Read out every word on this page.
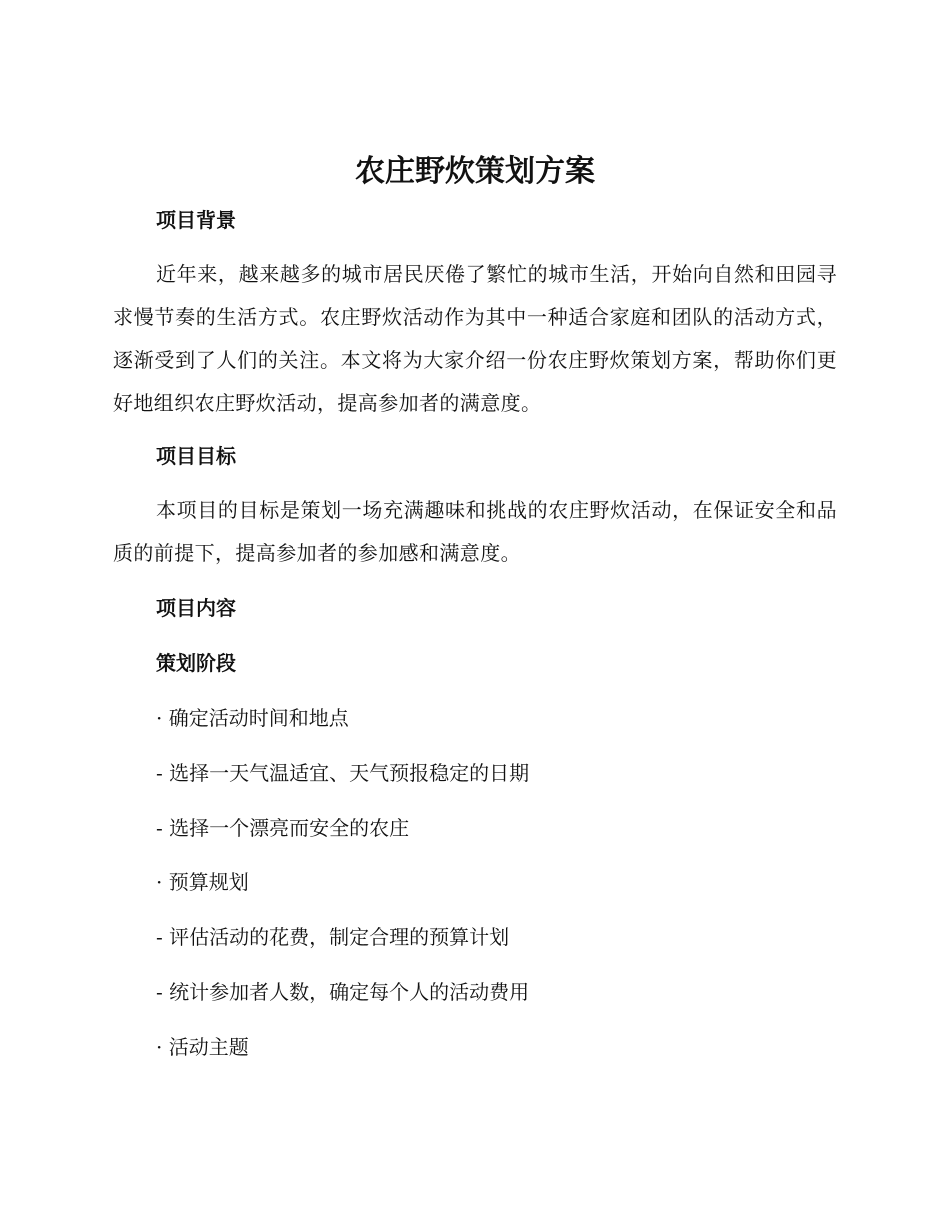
农庄野炊策划方案
项目背景
近年来，越来越多的城市居民厌倦了繁忙的城市生活，开始向自然和田园寻求慢节奏的生活方式。农庄野炊活动作为其中一种适合家庭和团队的活动方式，逐渐受到了人们的关注。本文将为大家介绍一份农庄野炊策划方案，帮助你们更好地组织农庄野炊活动，提高参加者的满意度。
项目目标
本项目的目标是策划一场充满趣味和挑战的农庄野炊活动，在保证安全和品质的前提下，提高参加者的参加感和满意度。
项目内容
策划阶段
· 确定活动时间和地点
- 选择一天气温适宜、天气预报稳定的日期
- 选择一个漂亮而安全的农庄
· 预算规划
- 评估活动的花费，制定合理的预算计划
- 统计参加者人数，确定每个人的活动费用
· 活动主题
